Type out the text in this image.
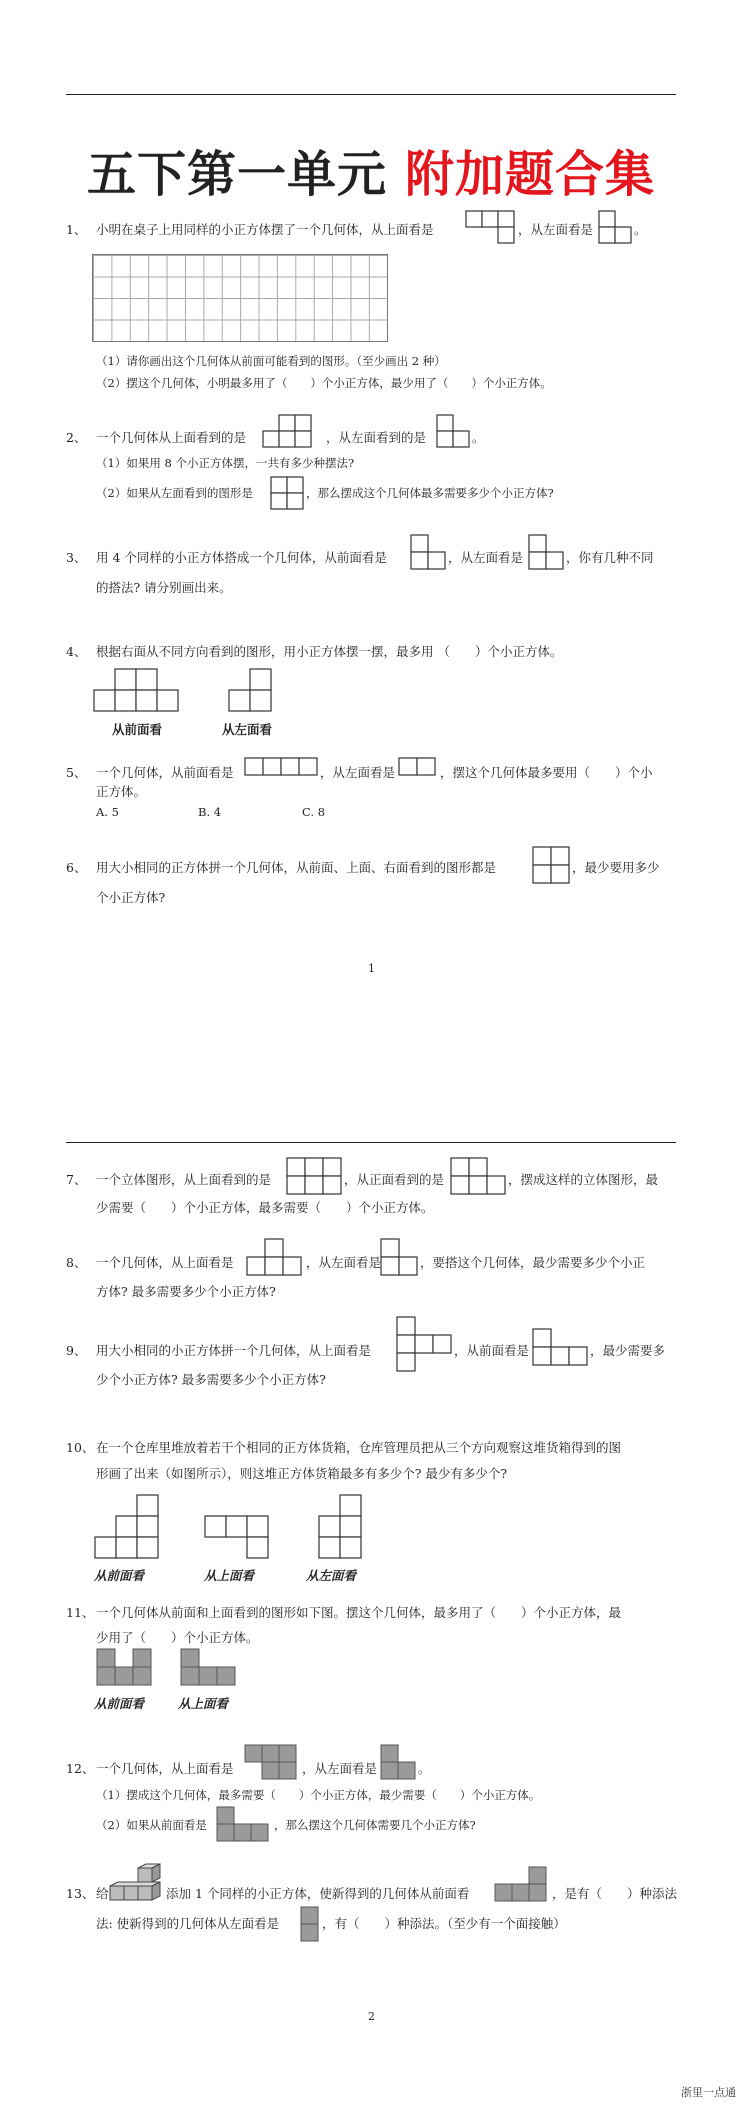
五下第一单元 附加题合集
1、 小明在桌子上用同样的小正方体摆了一个几何体，从上面看是	，从左面看是	。
（1）请你画出这个几何体从前面可能看到的图形。（至少画出 2 种）
（2）摆这个几何体，小明最多用了（　　）个小正方体，最少用了（　　）个小正方体。
2、 一个几何体从上面看到的是	，从左面看到的是	。
（1）如果用 8 个小正方体摆，一共有多少种摆法?
（2）如果从左面看到的图形是	，那么摆成这个几何体最多需要多少个小正方体?
3、 用 4 个同样的小正方体搭成一个几何体，从前面看是	，从左面看是	，你有几种不同
的搭法? 请分别画出来。
4、 根据右面从不同方向看到的图形，用小正方体摆一摆，最多用 （　　）个小正方体。
从前面看	从左面看
5、 一个几何体，从前面看是	，从左面看是	，摆这个几何体最多要用（　　）个小
正方体。
A. 5	B. 4	C. 8
6、 用大小相同的正方体拼一个几何体，从前面、上面、右面看到的图形都是	，最少要用多少
个小正方体?
1
7、 一个立体图形，从上面看到的是	，从正面看到的是	，摆成这样的立体图形，最
少需要（　　）个小正方体，最多需要（　　）个小正方体。
8、 一个几何体，从上面看是	，从左面看是	，要搭这个几何体，最少需要多少个小正
方体? 最多需要多少个小正方体?
9、 用大小相同的小正方体拼一个几何体，从上面看是	，从前面看是	，最少需要多
少个小正方体? 最多需要多少个小正方体?
10、 在一个仓库里堆放着若干个相同的正方体货箱，仓库管理员把从三个方向观察这堆货箱得到的图
形画了出来（如图所示），则这堆正方体货箱最多有多少个? 最少有多少个?
从前面看	从上面看	从左面看
11、 一个几何体从前面和上面看到的图形如下图。摆这个几何体，最多用了（　　）个小正方体，最
少用了（　　）个小正方体。
从前面看	从上面看
12、 一个几何体，从上面看是	，从左面看是	。
（1）摆成这个几何体，最多需要（　　）个小正方体，最少需要（　　）个小正方体。
（2）如果从前面看是	，那么摆这个几何体需要几个小正方体?
13、 给	添加 1 个同样的小正方体，使新得到的几何体从前面看	，是有（　　）种添法
法: 使新得到的几何体从左面看是	，有（　　）种添法。（至少有一个面接触）
2
浙里一点通
